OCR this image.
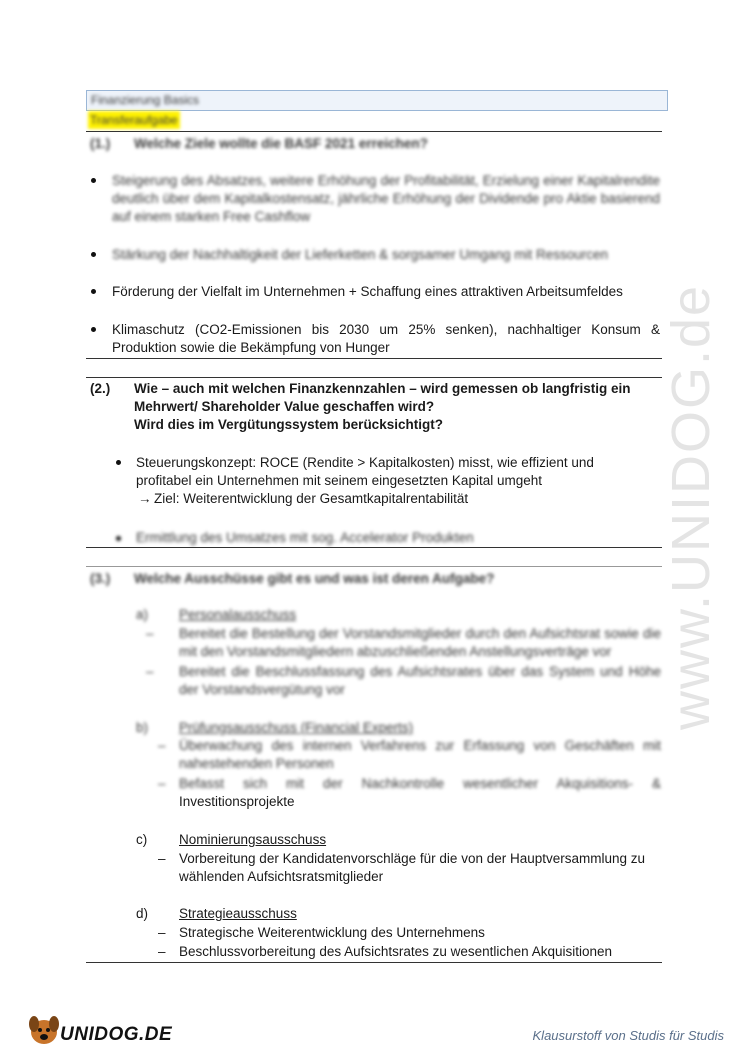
www.UNIDOG.de
Finanzierung Basics
Transferaufgabe
(1.) Welche Ziele wollte die BASF 2021 erreichen?
Steigerung des Absatzes, weitere Erhöhung der Profitabilität, Erzielung einer Kapitalrendite deutlich über dem Kapitalkostensatz, jährliche Erhöhung der Dividende pro Aktie basierend auf einem starken Free Cashflow
Stärkung der Nachhaltigkeit der Lieferketten & sorgsamer Umgang mit Ressourcen
Förderung der Vielfalt im Unternehmen + Schaffung eines attraktiven Arbeitsumfeldes
Klimaschutz (CO2-Emissionen bis 2030 um 25% senken), nachhaltiger Konsum & Produktion sowie die Bekämpfung von Hunger
(2.) Wie – auch mit welchen Finanzkennzahlen – wird gemessen ob langfristig ein
Mehrwert/ Shareholder Value geschaffen wird?
Wird dies im Vergütungssystem berücksichtigt?
Steuerungskonzept: ROCE (Rendite > Kapitalkosten) misst, wie effizient und
profitabel ein Unternehmen mit seinem eingesetzten Kapital umgeht
→ Ziel: Weiterentwicklung der Gesamtkapitalrentabilität
Ermittlung des Umsatzes mit sog. Accelerator Produkten
(3.) Welche Ausschüsse gibt es und was ist deren Aufgabe?
a) Personalausschuss
– Bereitet die Bestellung der Vorstandsmitglieder durch den Aufsichtsrat sowie die mit den Vorstandsmitgliedern abzuschließenden Anstellungsverträge vor
– Bereitet die Beschlussfassung des Aufsichtsrates über das System und Höhe der Vorstandsvergütung vor
b) Prüfungsausschuss (Financial Experts)
– Überwachung des internen Verfahrens zur Erfassung von Geschäften mit nahestehenden Personen
– Befasst sich mit der Nachkontrolle wesentlicher Akquisitions- &
Investitionsprojekte
c) Nominierungsausschuss
– Vorbereitung der Kandidatenvorschläge für die von der Hauptversammlung zu
wählenden Aufsichtsratsmitglieder
d) Strategieausschuss
– Strategische Weiterentwicklung des Unternehmens
– Beschlussvorbereitung des Aufsichtsrates zu wesentlichen Akquisitionen
UNIDOG.DE	Klausurstoff von Studis für Studis
